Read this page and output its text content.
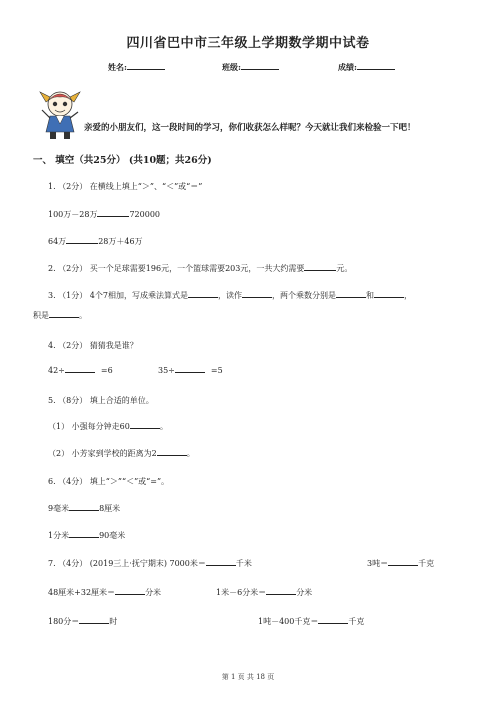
四川省巴中市三年级上学期数学期中试卷
姓名:	班级:	成绩:
亲爱的小朋友们，这一段时间的学习，你们收获怎么样呢？今天就让我们来检验一下吧！
一、 填空（共25分） (共10题；共26分)
1. （2分） 在横线上填上“＞”、“＜”或“＝”
100万－28万	720000
64万	28万＋46万
2. （2分） 买一个足球需要196元，一个篮球需要203元，一共大约需要	元。
3. （1分） 4个7相加，写成乘法算式是	，读作	，两个乘数分别是	和	，
积是	。
4. （2分） 猜猜我是谁？
42÷	=6	35÷	=5
5. （8分） 填上合适的单位。
（1） 小强每分钟走60	。
（2） 小芳家到学校的距离为2	。
6. （4分） 填上“＞”“＜”或“=”。
9毫米	8厘米
1分米	90毫米
7. （4分） (2019三上·抚宁期末) 7000米＝	千米	3吨＝	千克
48厘米+32厘米＝	分米	1米－6分米＝	分米
180分＝	时	1吨－400千克＝	千克
第 1 页 共 18 页
